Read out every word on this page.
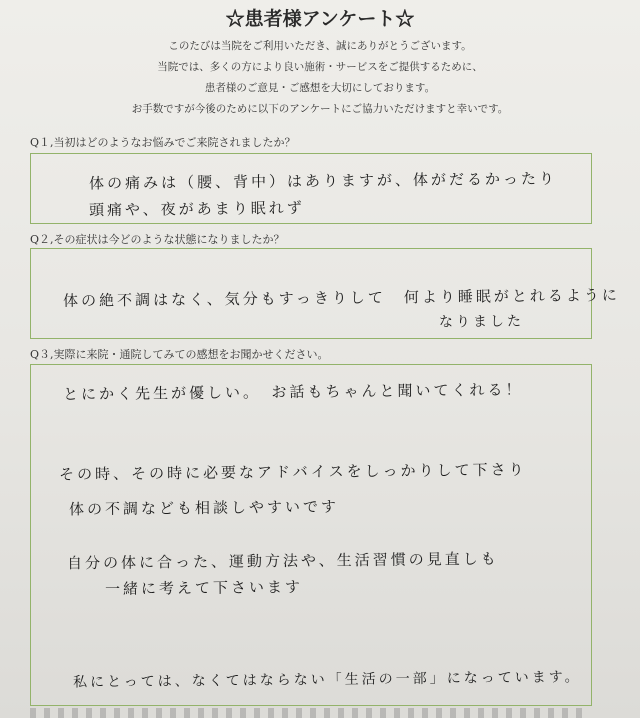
☆患者様アンケート☆
このたびは当院をご利用いただき、誠にありがとうございます。
当院では、多くの方により良い施術・サービスをご提供するために、
患者様のご意見・ご感想を大切にしております。
お手数ですが今後のために以下のアンケートにご協力いただけますと幸いです。
Q１,当初はどのようなお悩みでご来院されましたか？
体の痛みは（腰、背中）はありますが、体がだるかったり
頭痛や、夜があまり眠れず
Q２,その症状は今どのような状態になりましたか？
体の絶不調はなく、気分もすっきりして　何より睡眠がとれるように
なりました
Q３,実際に来院・通院してみての感想をお聞かせください。
とにかく先生が優しい。　お話もちゃんと聞いてくれる！
その時、その時に必要なアドバイスをしっかりして下さり
体の不調なども相談しやすいです
自分の体に合った、運動方法や、生活習慣の見直しも
一緒に考えて下さいます
私にとっては、なくてはならない「生活の一部」になっています。
